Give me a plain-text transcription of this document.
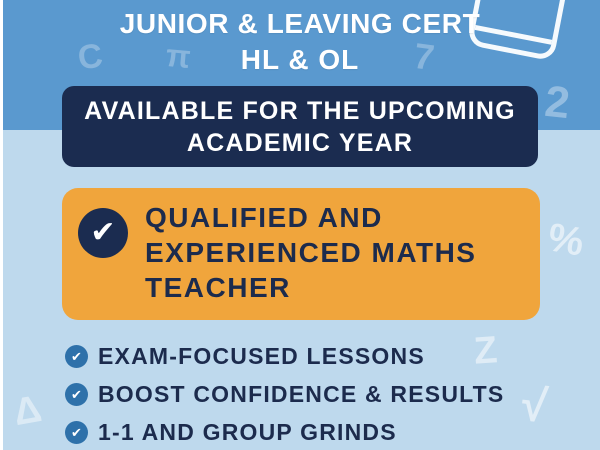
C π	7
JUNIOR & LEAVING CERT
HL & OL
2
%
Z
√
Δ
AVAILABLE FOR THE UPCOMING
ACADEMIC YEAR
✔	QUALIFIED AND
EXPERIENCED MATHS
TEACHER
✔ EXAM-FOCUSED LESSONS
✔ BOOST CONFIDENCE & RESULTS
✔ 1-1 AND GROUP GRINDS
